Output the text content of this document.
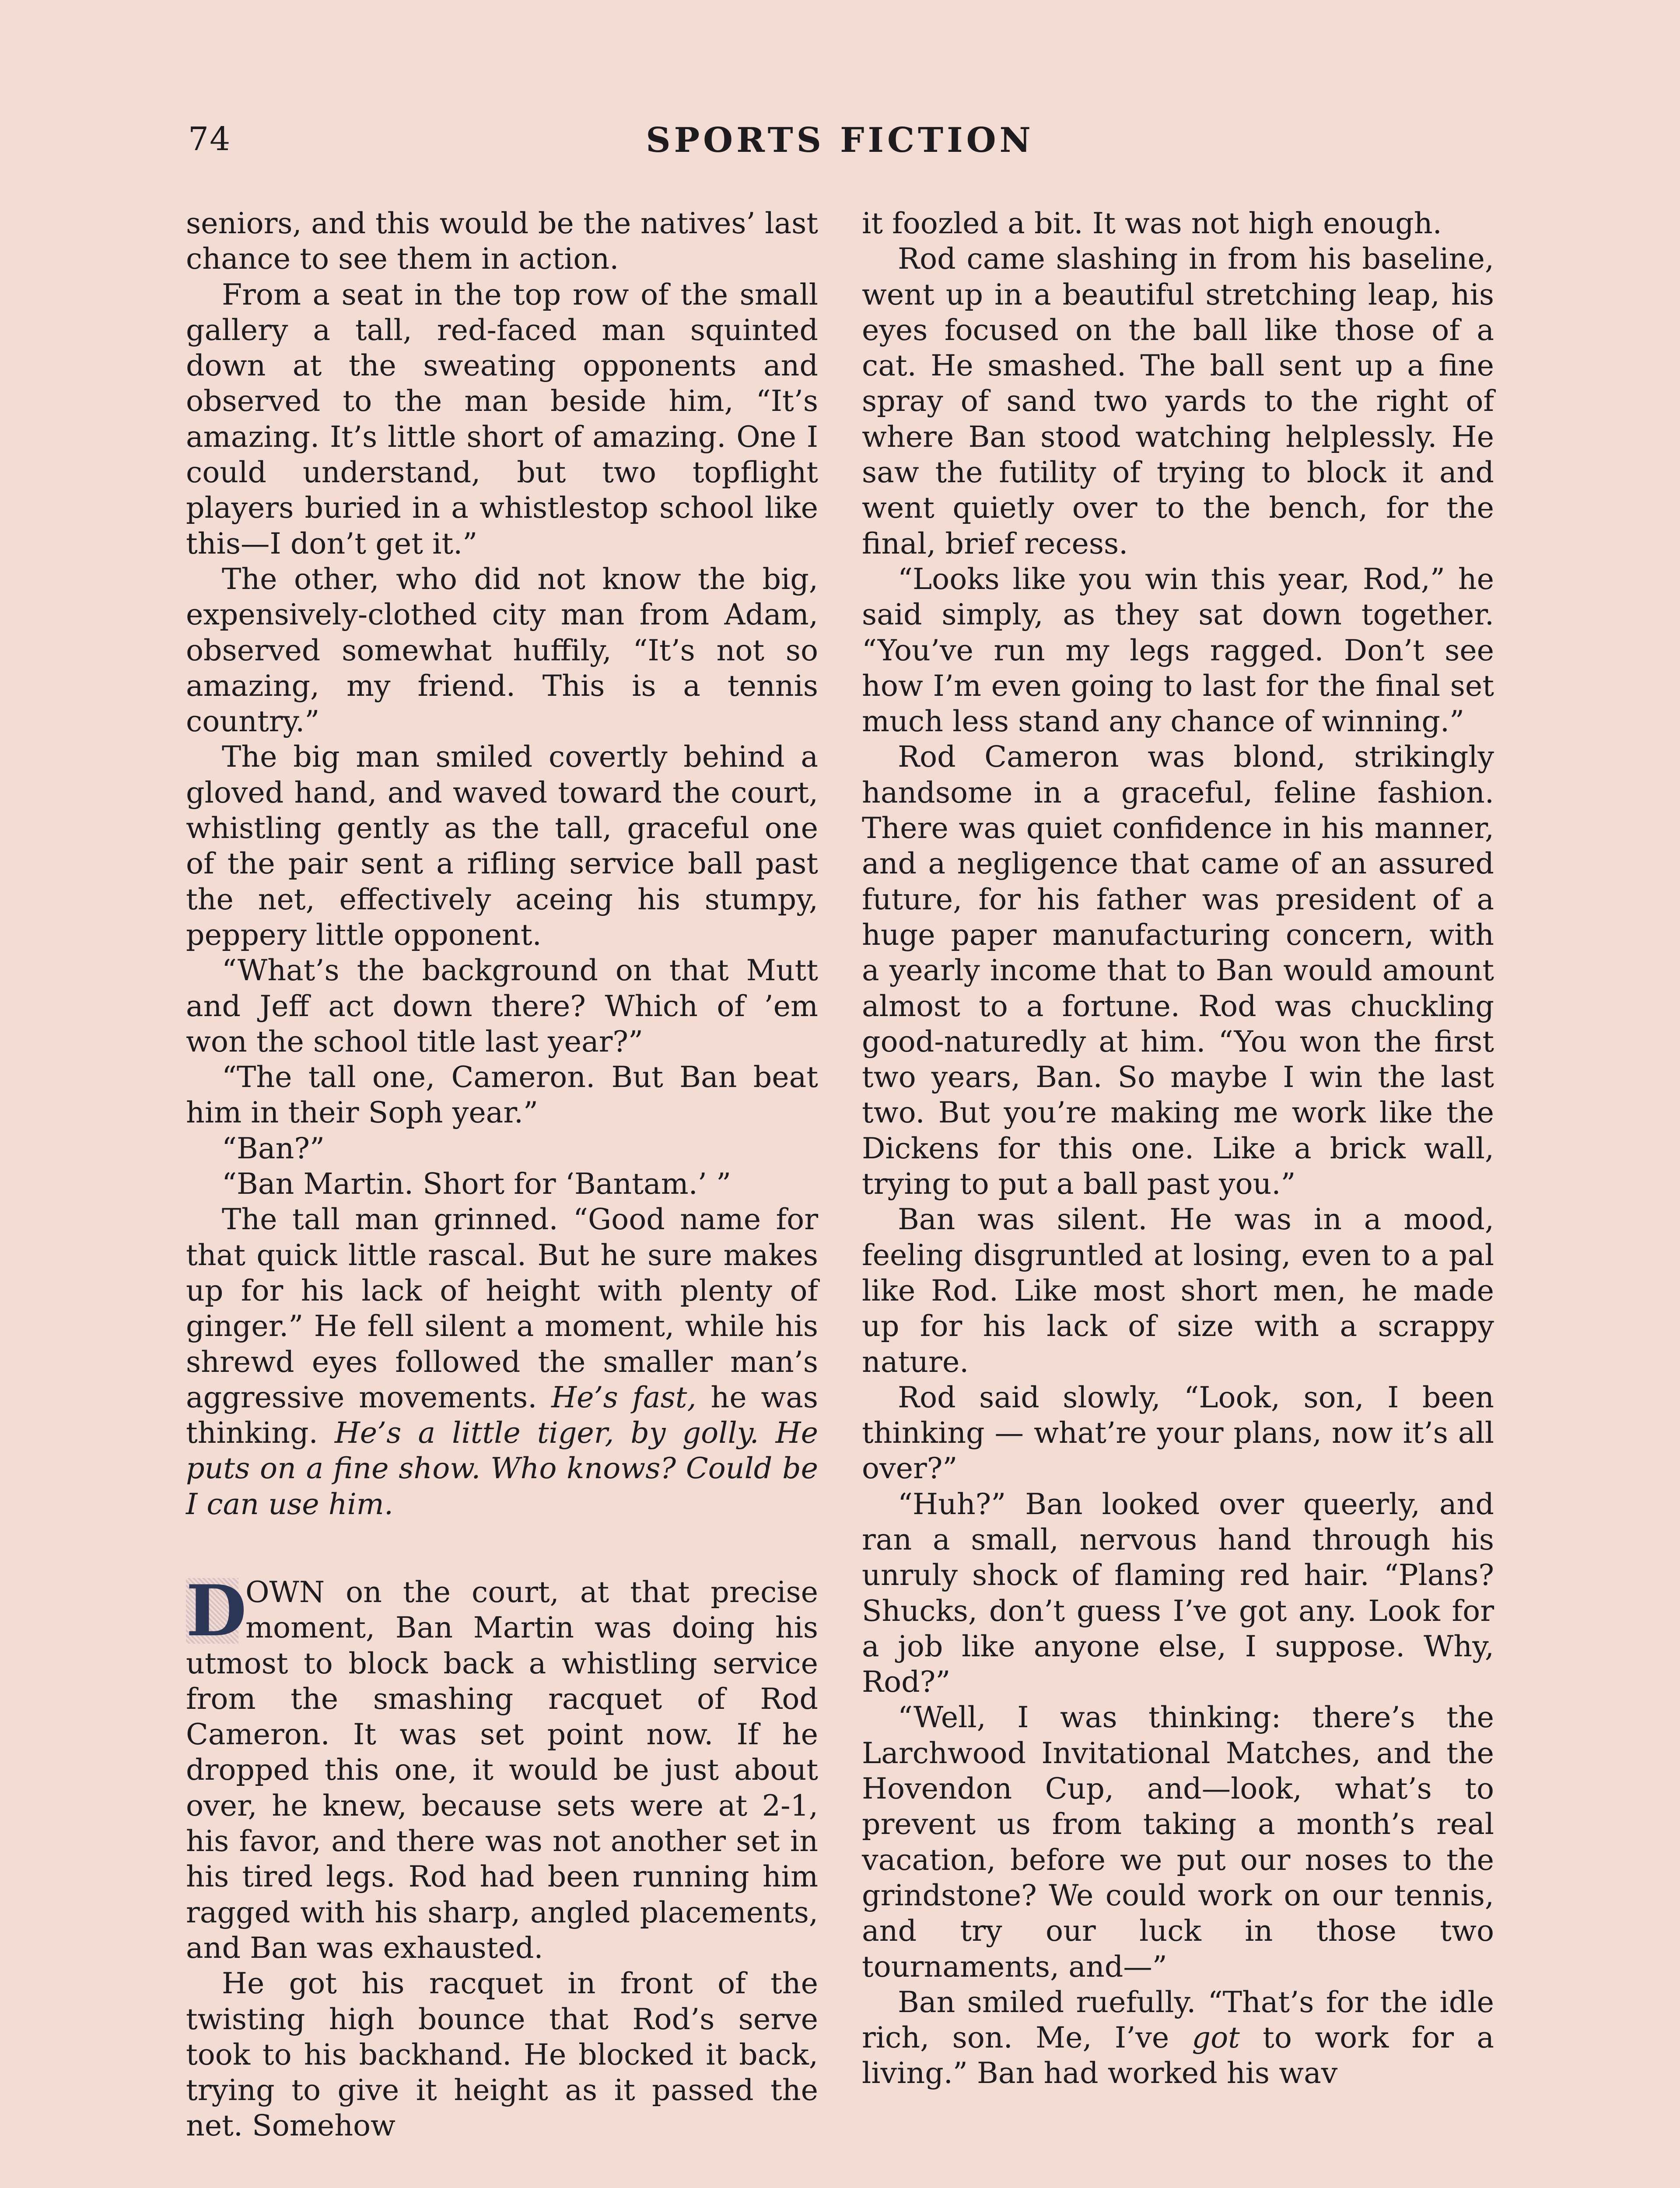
74	SPORTS FICTION

seniors, and this would be the natives’ last chance to see them in action.

From a seat in the top row of the small gallery a tall, red-faced man squinted down at the sweating opponents and observed to the man beside him, “It’s amazing. It’s little short of amazing. One I could understand, but two topflight players buried in a whistlestop school like this—I don’t get it.”

The other, who did not know the big, expensively-clothed city man from Adam, observed somewhat huffily, “It’s not so amazing, my friend. This is a tennis country.”

The big man smiled covertly behind a gloved hand, and waved toward the court, whistling gently as the tall, graceful one of the pair sent a rifling service ball past the net, effectively aceing his stumpy, peppery little opponent.

“What’s the background on that Mutt and Jeff act down there? Which of ’em won the school title last year?”

“The tall one, Cameron. But Ban beat him in their Soph year.”

“Ban?”

“Ban Martin. Short for ‘Bantam.’ ”

The tall man grinned. “Good name for that quick little rascal. But he sure makes up for his lack of height with plenty of ginger.” He fell silent a moment, while his shrewd eyes followed the smaller man’s aggressive movements. He’s fast, he was thinking. He’s a little tiger, by golly. He puts on a fine show. Who knows? Could be I can use him.

D
OWN on the court, at that precise moment, Ban Martin was doing his utmost to block back a whistling service from the smashing racquet of Rod Cameron. It was set point now. If he dropped this one, it would be just about over, he knew, because sets were at 2-1, his favor, and there was not another set in his tired legs. Rod had been running him ragged with his sharp, angled placements, and Ban was exhausted.

He got his racquet in front of the twisting high bounce that Rod’s serve took to his backhand. He blocked it back, trying to give it height as it passed the net. Somehow

it foozled a bit. It was not high enough.

Rod came slashing in from his baseline, went up in a beautiful stretching leap, his eyes focused on the ball like those of a cat. He smashed. The ball sent up a fine spray of sand two yards to the right of where Ban stood watching helplessly. He saw the futility of trying to block it and went quietly over to the bench, for the final, brief recess.

“Looks like you win this year, Rod,” he said simply, as they sat down together. “You’ve run my legs ragged. Don’t see how I’m even going to last for the final set much less stand any chance of winning.”

Rod Cameron was blond, strikingly handsome in a graceful, feline fashion. There was quiet confidence in his manner, and a negligence that came of an assured future, for his father was president of a huge paper manufacturing concern, with a yearly income that to Ban would amount almost to a fortune. Rod was chuckling good-naturedly at him. “You won the first two years, Ban. So maybe I win the last two. But you’re making me work like the Dickens for this one. Like a brick wall, trying to put a ball past you.”

Ban was silent. He was in a mood, feeling disgruntled at losing, even to a pal like Rod. Like most short men, he made up for his lack of size with a scrappy nature.

Rod said slowly, “Look, son, I been thinking — what’re your plans, now it’s all over?”

“Huh?” Ban looked over queerly, and ran a small, nervous hand through his unruly shock of flaming red hair. “Plans? Shucks, don’t guess I’ve got any. Look for a job like anyone else, I suppose. Why, Rod?”

“Well, I was thinking: there’s the Larchwood Invitational Matches, and the Hovendon Cup, and—look, what’s to prevent us from taking a month’s real vacation, before we put our noses to the grindstone? We could work on our tennis, and try our luck in those two tournaments, and—”

Ban smiled ruefully. “That’s for the idle rich, son. Me, I’ve got to work for a living.” Ban had worked his wav
